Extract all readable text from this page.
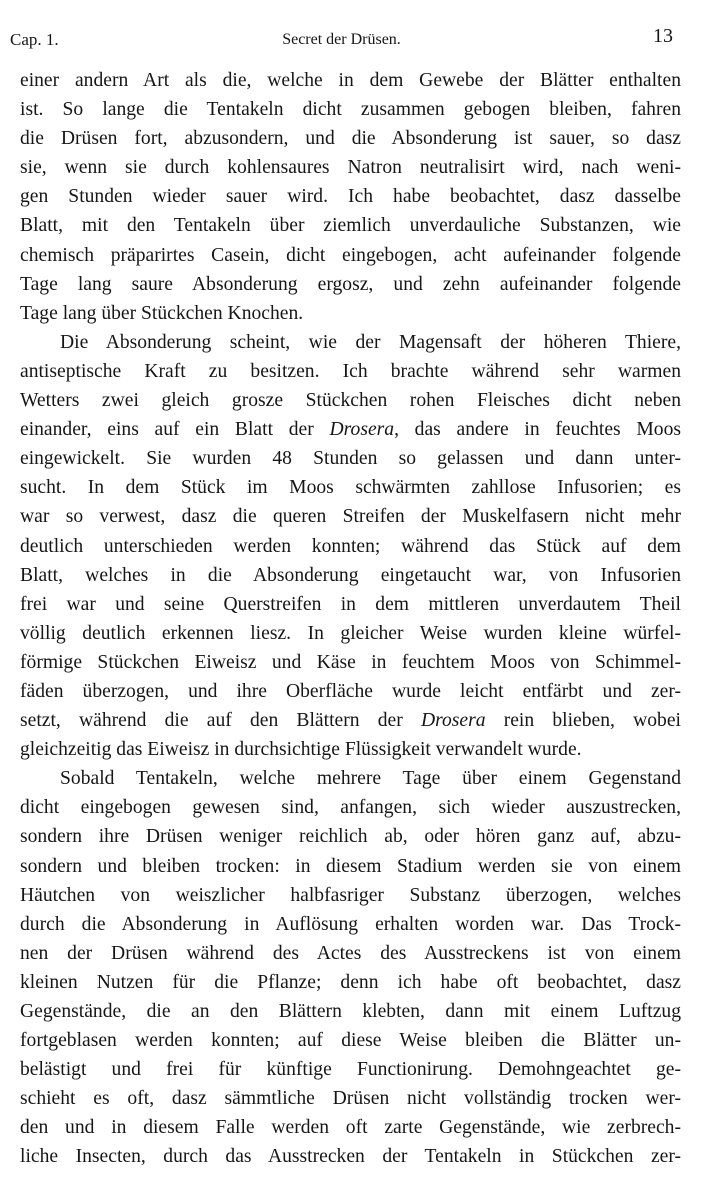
Cap. 1.	Secret der Drüsen.	13
einer andern Art als die, welche in dem Gewebe der Blätter enthalten
ist. So lange die Tentakeln dicht zusammen gebogen bleiben, fahren
die Drüsen fort, abzusondern, und die Absonderung ist sauer, so dasz
sie, wenn sie durch kohlensaures Natron neutralisirt wird, nach weni-
gen Stunden wieder sauer wird. Ich habe beobachtet, dasz dasselbe
Blatt, mit den Tentakeln über ziemlich unverdauliche Substanzen, wie
chemisch präparirtes Casein, dicht eingebogen, acht aufeinander folgende
Tage lang saure Absonderung ergosz, und zehn aufeinander folgende
Tage lang über Stückchen Knochen.
Die Absonderung scheint, wie der Magensaft der höheren Thiere,
antiseptische Kraft zu besitzen. Ich brachte während sehr warmen
Wetters zwei gleich grosze Stückchen rohen Fleisches dicht neben
einander, eins auf ein Blatt der Drosera, das andere in feuchtes Moos
eingewickelt. Sie wurden 48 Stunden so gelassen und dann unter-
sucht. In dem Stück im Moos schwärmten zahllose Infusorien; es
war so verwest, dasz die queren Streifen der Muskelfasern nicht mehr
deutlich unterschieden werden konnten; während das Stück auf dem
Blatt, welches in die Absonderung eingetaucht war, von Infusorien
frei war und seine Querstreifen in dem mittleren unverdautem Theil
völlig deutlich erkennen liesz. In gleicher Weise wurden kleine würfel-
förmige Stückchen Eiweisz und Käse in feuchtem Moos von Schimmel-
fäden überzogen, und ihre Oberfläche wurde leicht entfärbt und zer-
setzt, während die auf den Blättern der Drosera rein blieben, wobei
gleichzeitig das Eiweisz in durchsichtige Flüssigkeit verwandelt wurde.
Sobald Tentakeln, welche mehrere Tage über einem Gegenstand
dicht eingebogen gewesen sind, anfangen, sich wieder auszustrecken,
sondern ihre Drüsen weniger reichlich ab, oder hören ganz auf, abzu-
sondern und bleiben trocken: in diesem Stadium werden sie von einem
Häutchen von weiszlicher halbfasriger Substanz überzogen, welches
durch die Absonderung in Auflösung erhalten worden war. Das Trock-
nen der Drüsen während des Actes des Ausstreckens ist von einem
kleinen Nutzen für die Pflanze; denn ich habe oft beobachtet, dasz
Gegenstände, die an den Blättern klebten, dann mit einem Luftzug
fortgeblasen werden konnten; auf diese Weise bleiben die Blätter un-
belästigt und frei für künftige Functionirung. Demohngeachtet ge-
schieht es oft, dasz sämmtliche Drüsen nicht vollständig trocken wer-
den und in diesem Falle werden oft zarte Gegenstände, wie zerbrech-
liche Insecten, durch das Ausstrecken der Tentakeln in Stückchen zer-
